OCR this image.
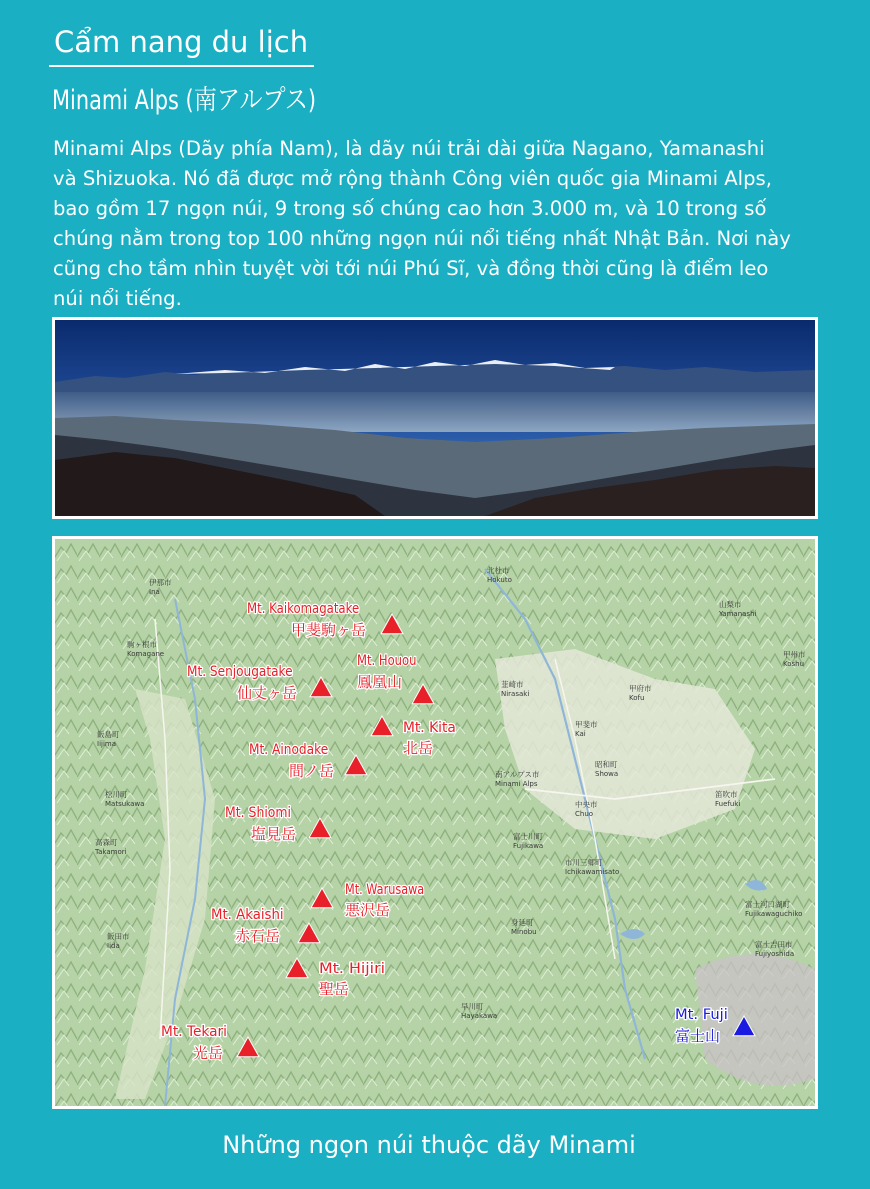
Cẩm nang du lịch
Minami Alps (南アルプス)
Minami Alps (Dãy phía Nam), là dãy núi trải dài giữa Nagano, Yamanashi
và Shizuoka. Nó đã được mở rộng thành Công viên quốc gia Minami Alps,
bao gồm 17 ngọn núi, 9 trong số chúng cao hơn 3.000 m, và 10 trong số
chúng nằm trong top 100 những ngọn núi nổi tiếng nhất Nhật Bản. Nơi này
cũng cho tầm nhìn tuyệt vời tới núi Phú Sĩ, và đồng thời cũng là điểm leo
núi nổi tiếng.
伊那市
Ina
北杜市
Hokuto
山梨市
Yamanashi
駒ヶ根市
Komagane	甲州市
Koshu
韮崎市
Nirasaki
甲府市
Kofu
甲斐市
Kai
飯島町
Iijima
昭和町
Showa
松川町
Matsukawa
南アルプス市
Minami Alps
笛吹市
Fuefuki
中央市
Chuo
高森町
Takamori
富士川町
Fujikawa
市川三郷町
Ichikawamisato
富士河口湖町
Fujikawaguchiko
身延町
Minobu
飯田市
Iida	富士吉田市
Fujiyoshida
早川町
Hayakawa
Mt. Kaikomagatake
甲斐駒ヶ岳
Mt. Senjougatake
仙丈ヶ岳
Mt. Houou
鳳凰山
Mt. Kita
北岳
Mt. Ainodake
間ノ岳
Mt. Shiomi
塩見岳
Mt. Warusawa
悪沢岳
Mt. Akaishi
赤石岳
Mt. Hijiri
聖岳
Mt. Tekari
光岳
Mt. Fuji
富士山
Những ngọn núi thuộc dãy Minami
